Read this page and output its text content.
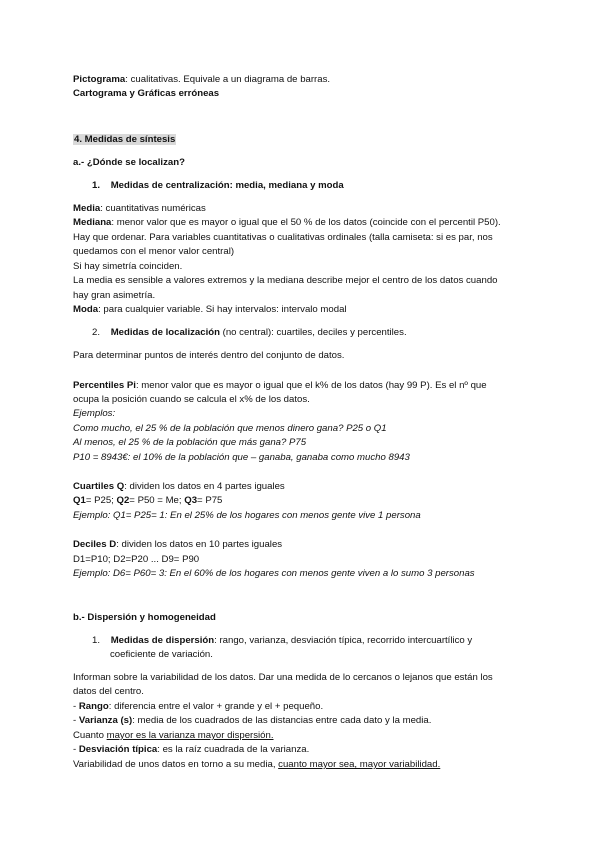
Pictograma: cualitativas. Equivale a un diagrama de barras.
Cartograma y Gráficas erróneas
4. Medidas de síntesis
a.- ¿Dónde se localizan?
1. Medidas de centralización: media, mediana y moda
Media: cuantitativas numéricas
Mediana: menor valor que es mayor o igual que el 50 % de los datos (coincide con el percentil P50).
Hay que ordenar. Para variables cuantitativas o cualitativas ordinales (talla camiseta: si es par, nos
quedamos con el menor valor central)
Si hay simetría coinciden.
La media es sensible a valores extremos y la mediana describe mejor el centro de los datos cuando
hay gran asimetría.
Moda: para cualquier variable. Si hay intervalos: intervalo modal
2. Medidas de localización (no central): cuartiles, deciles y percentiles.
Para determinar puntos de interés dentro del conjunto de datos.
Percentiles Pi: menor valor que es mayor o igual que el k% de los datos (hay 99 P). Es el nº que
ocupa la posición cuando se calcula el x% de los datos.
Ejemplos:
Como mucho, el 25 % de la población que menos dinero gana? P25 o Q1
Al menos, el 25 % de la población que más gana? P75
P10 = 8943€: el 10% de la población que – ganaba, ganaba como mucho 8943
Cuartiles Q: dividen los datos en 4 partes iguales
Q1= P25; Q2= P50 = Me; Q3= P75
Ejemplo: Q1= P25= 1: En el 25% de los hogares con menos gente vive 1 persona
Deciles D: dividen los datos en 10 partes iguales
D1=P10; D2=P20 ... D9= P90
Ejemplo: D6= P60= 3: En el 60% de los hogares con menos gente viven a lo sumo 3 personas
b.- Dispersión y homogeneidad
1. Medidas de dispersión: rango, varianza, desviación típica, recorrido intercuartílico y
coeficiente de variación.
Informan sobre la variabilidad de los datos. Dar una medida de lo cercanos o lejanos que están los
datos del centro.
- Rango: diferencia entre el valor + grande y el + pequeño.
- Varianza (s): media de los cuadrados de las distancias entre cada dato y la media.
Cuanto mayor es la varianza mayor dispersión.
- Desviación típica: es la raíz cuadrada de la varianza.
Variabilidad de unos datos en torno a su media, cuanto mayor sea, mayor variabilidad.
